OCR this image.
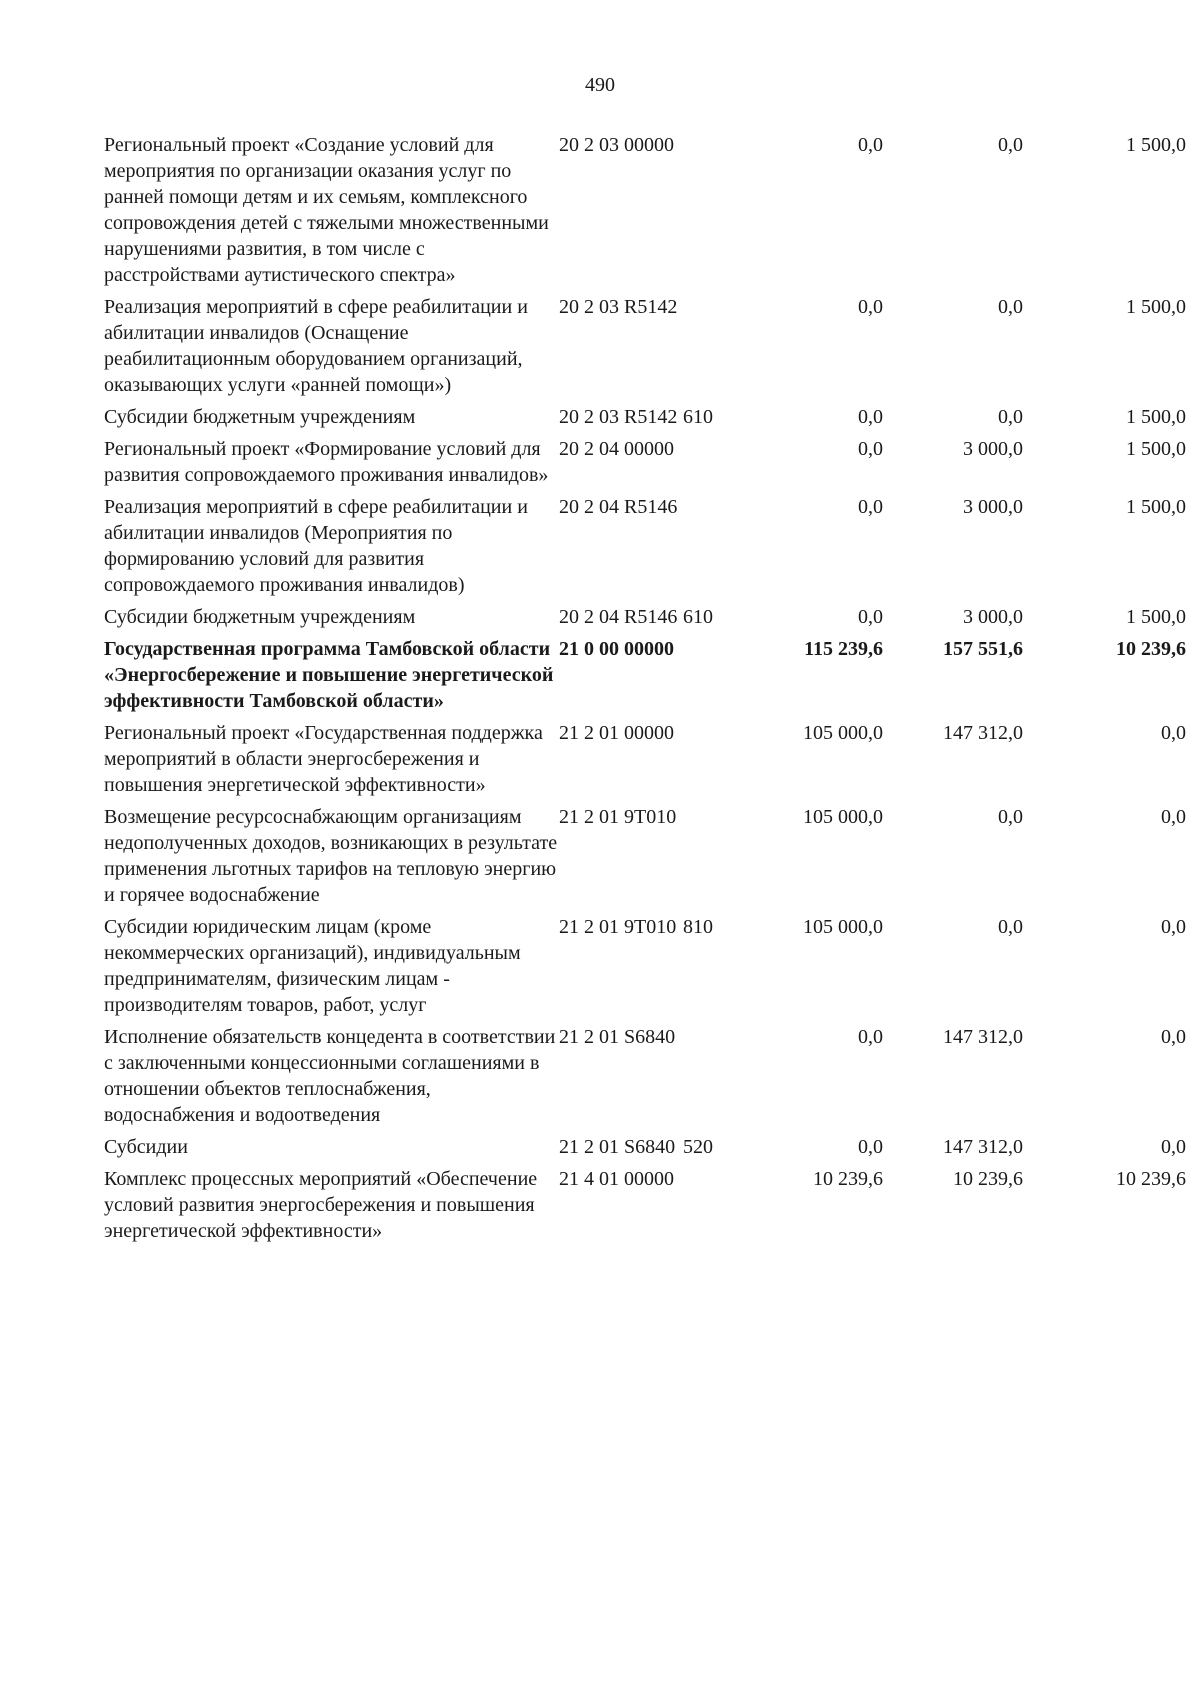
490
Региональный проект «Создание условий для мероприятия по организации оказания услуг по ранней помощи детям и их семьям, комплексного сопровождения детей с тяжелыми множественными нарушениями развития, в том числе с расстройствами аутистического спектра»	20 2 03 00000		0,0	0,0	1 500,0
Реализация мероприятий в сфере реабилитации и абилитации инвалидов (Оснащение реабилитационным оборудованием организаций, оказывающих услуги «ранней помощи»)	20 2 03 R5142		0,0	0,0	1 500,0
Субсидии бюджетным учреждениям	20 2 03 R5142	610	0,0	0,0	1 500,0
Региональный проект «Формирование условий для развития сопровождаемого проживания инвалидов»	20 2 04 00000		0,0	3 000,0	1 500,0
Реализация мероприятий в сфере реабилитации и абилитации инвалидов (Мероприятия по формированию условий для развития сопровождаемого проживания инвалидов)	20 2 04 R5146		0,0	3 000,0	1 500,0
Субсидии бюджетным учреждениям	20 2 04 R5146	610	0,0	3 000,0	1 500,0
Государственная программа Тамбовской области «Энергосбережение и повышение энергетической эффективности Тамбовской области»	21 0 00 00000		115 239,6	157 551,6	10 239,6
Региональный проект «Государственная поддержка мероприятий в области энергосбережения и повышения энергетической эффективности»	21 2 01 00000		105 000,0	147 312,0	0,0
Возмещение ресурсоснабжающим организациям недополученных доходов, возникающих в результате применения льготных тарифов на тепловую энергию и горячее водоснабжение	21 2 01 9Т010		105 000,0	0,0	0,0
Субсидии юридическим лицам (кроме некоммерческих организаций), индивидуальным предпринимателям, физическим лицам - производителям товаров, работ, услуг	21 2 01 9Т010	810	105 000,0	0,0	0,0
Исполнение обязательств концедента в соответствии с заключенными концессионными соглашениями в отношении объектов теплоснабжения, водоснабжения и водоотведения	21 2 01 S6840		0,0	147 312,0	0,0
Субсидии	21 2 01 S6840	520	0,0	147 312,0	0,0
Комплекс процессных мероприятий «Обеспечение условий развития энергосбережения и повышения энергетической эффективности»	21 4 01 00000		10 239,6	10 239,6	10 239,6
